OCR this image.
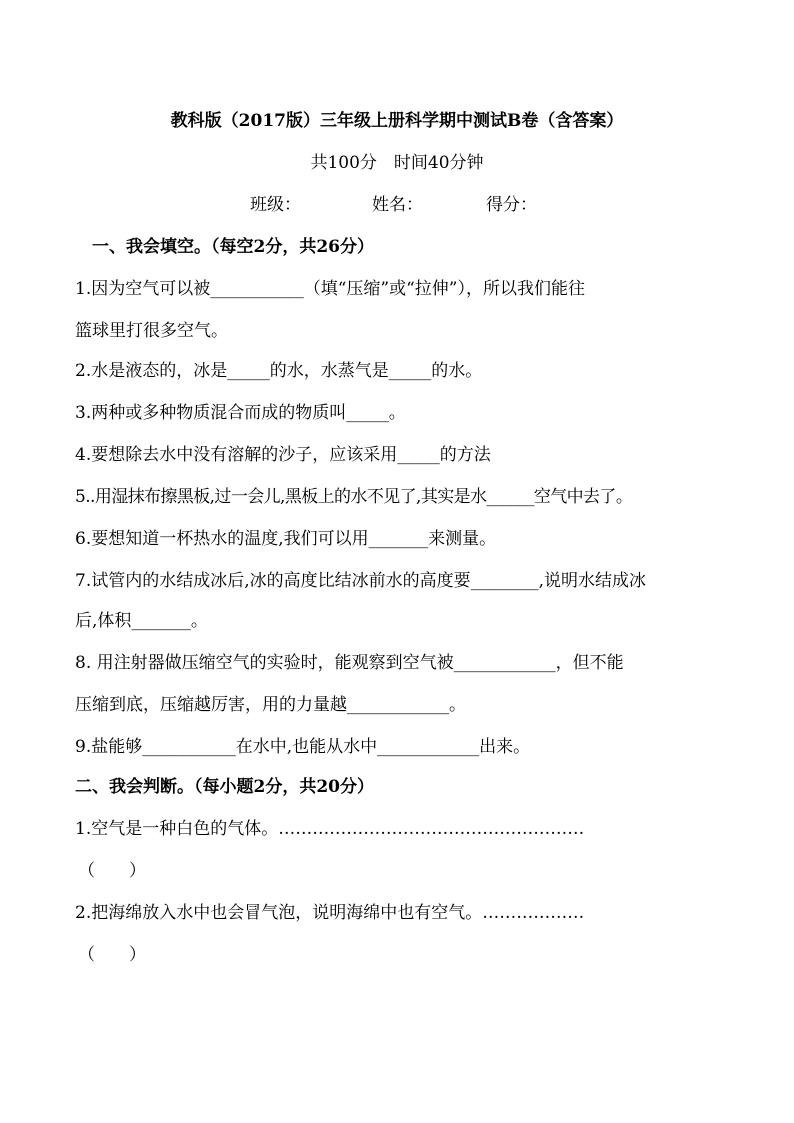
教科版（2017版）三年级上册科学期中测试B卷（含答案）
共100分　时间40分钟
班级：	姓名：	得分：
一、我会填空。（每空2分，共26分）
1.因为空气可以被___________（填“压缩”或“拉伸”），所以我们能往
篮球里打很多空气。
2.水是液态的，冰是_____的水，水蒸气是_____的水。
3.两种或多种物质混合而成的物质叫_____。
4.要想除去水中没有溶解的沙子，应该采用_____的方法
5..用湿抹布擦黑板,过一会儿,黑板上的水不见了,其实是水______空气中去了。
6.要想知道一杯热水的温度,我们可以用_______来测量。
7.试管内的水结成冰后,冰的高度比结冰前水的高度要________,说明水结成冰
后,体积_______。
8. 用注射器做压缩空气的实验时，能观察到空气被____________，但不能
压缩到底，压缩越厉害，用的力量越____________。
9.盐能够___________在水中,也能从水中____________出来。
二、我会判断。（每小题2分，共20分）
1.空气是一种白色的气体。………………………………………………
（　　）
2.把海绵放入水中也会冒气泡，说明海绵中也有空气。………………
（　　）
